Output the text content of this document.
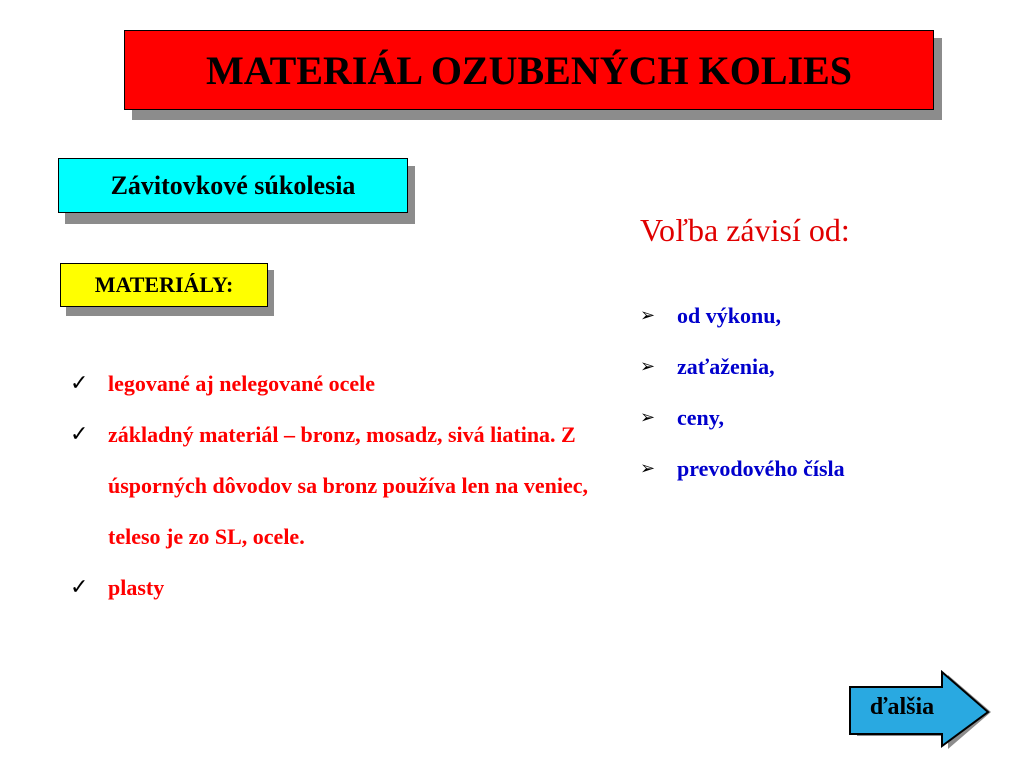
MATERIÁL OZUBENÝCH KOLIES
Závitovkové súkolesia
MATERIÁLY:
✓ legované aj nelegované ocele
✓ základný materiál – bronz, mosadz, sivá liatina. Z úsporných dôvodov sa bronz používa len na veniec, teleso je zo SL, ocele.
✓ plasty
Voľba závisí od:
➢ od výkonu,
➢ zaťaženia,
➢ ceny,
➢ prevodového čísla
ďalšia
